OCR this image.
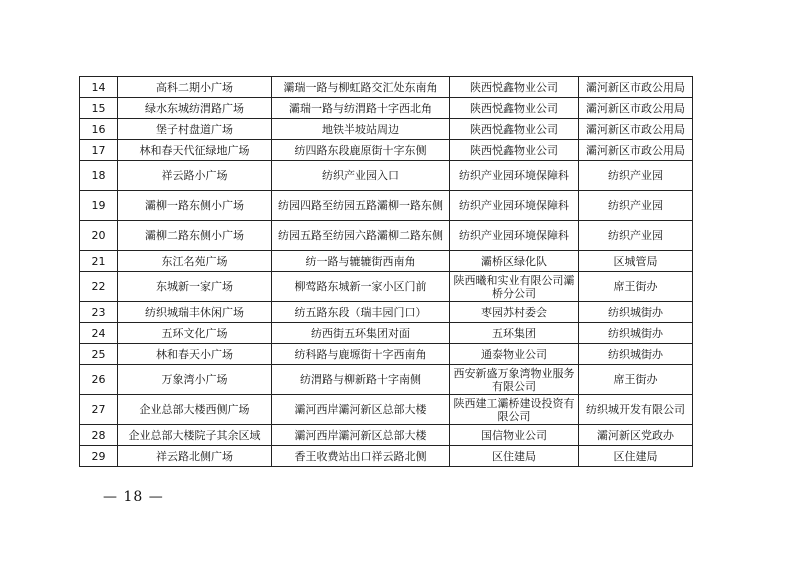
14	高科二期小广场	灞瑞一路与柳虹路交汇处东南角	陕西悦鑫物业公司	灞河新区市政公用局
15	绿水东城纺渭路广场	灞瑞一路与纺渭路十字西北角	陕西悦鑫物业公司	灞河新区市政公用局
16	堡子村盘道广场	地铁半坡站周边	陕西悦鑫物业公司	灞河新区市政公用局
17	林和春天代征绿地广场	纺四路东段鹿原街十字东侧	陕西悦鑫物业公司	灞河新区市政公用局
18	祥云路小广场	纺织产业园入口	纺织产业园环境保障科	纺织产业园
19	灞柳一路东侧小广场	纺园四路至纺园五路灞柳一路东侧	纺织产业园环境保障科	纺织产业园
20	灞柳二路东侧小广场	纺园五路至纺园六路灞柳二路东侧	纺织产业园环境保障科	纺织产业园
21	东江名苑广场	纺一路与辘辘街西南角	灞桥区绿化队	区城管局
22	东城新一家广场	柳莺路东城新一家小区门前	陕西曦和实业有限公司灞桥分公司	席王街办
23	纺织城瑞丰休闲广场	纺五路东段（瑞丰园门口）	枣园苏村委会	纺织城街办
24	五环文化广场	纺西街五环集团对面	五环集团	纺织城街办
25	林和春天小广场	纺科路与鹿塬街十字西南角	通泰物业公司	纺织城街办
26	万象湾小广场	纺渭路与柳新路十字南侧	西安新盛万象湾物业服务有限公司	席王街办
27	企业总部大楼西侧广场	灞河西岸灞河新区总部大楼	陕西建工灞桥建设投资有限公司	纺织城开发有限公司
28	企业总部大楼院子其余区域	灞河西岸灞河新区总部大楼	国信物业公司	灞河新区党政办
29	祥云路北侧广场	香王收费站出口祥云路北侧	区住建局	区住建局
— 18 —
